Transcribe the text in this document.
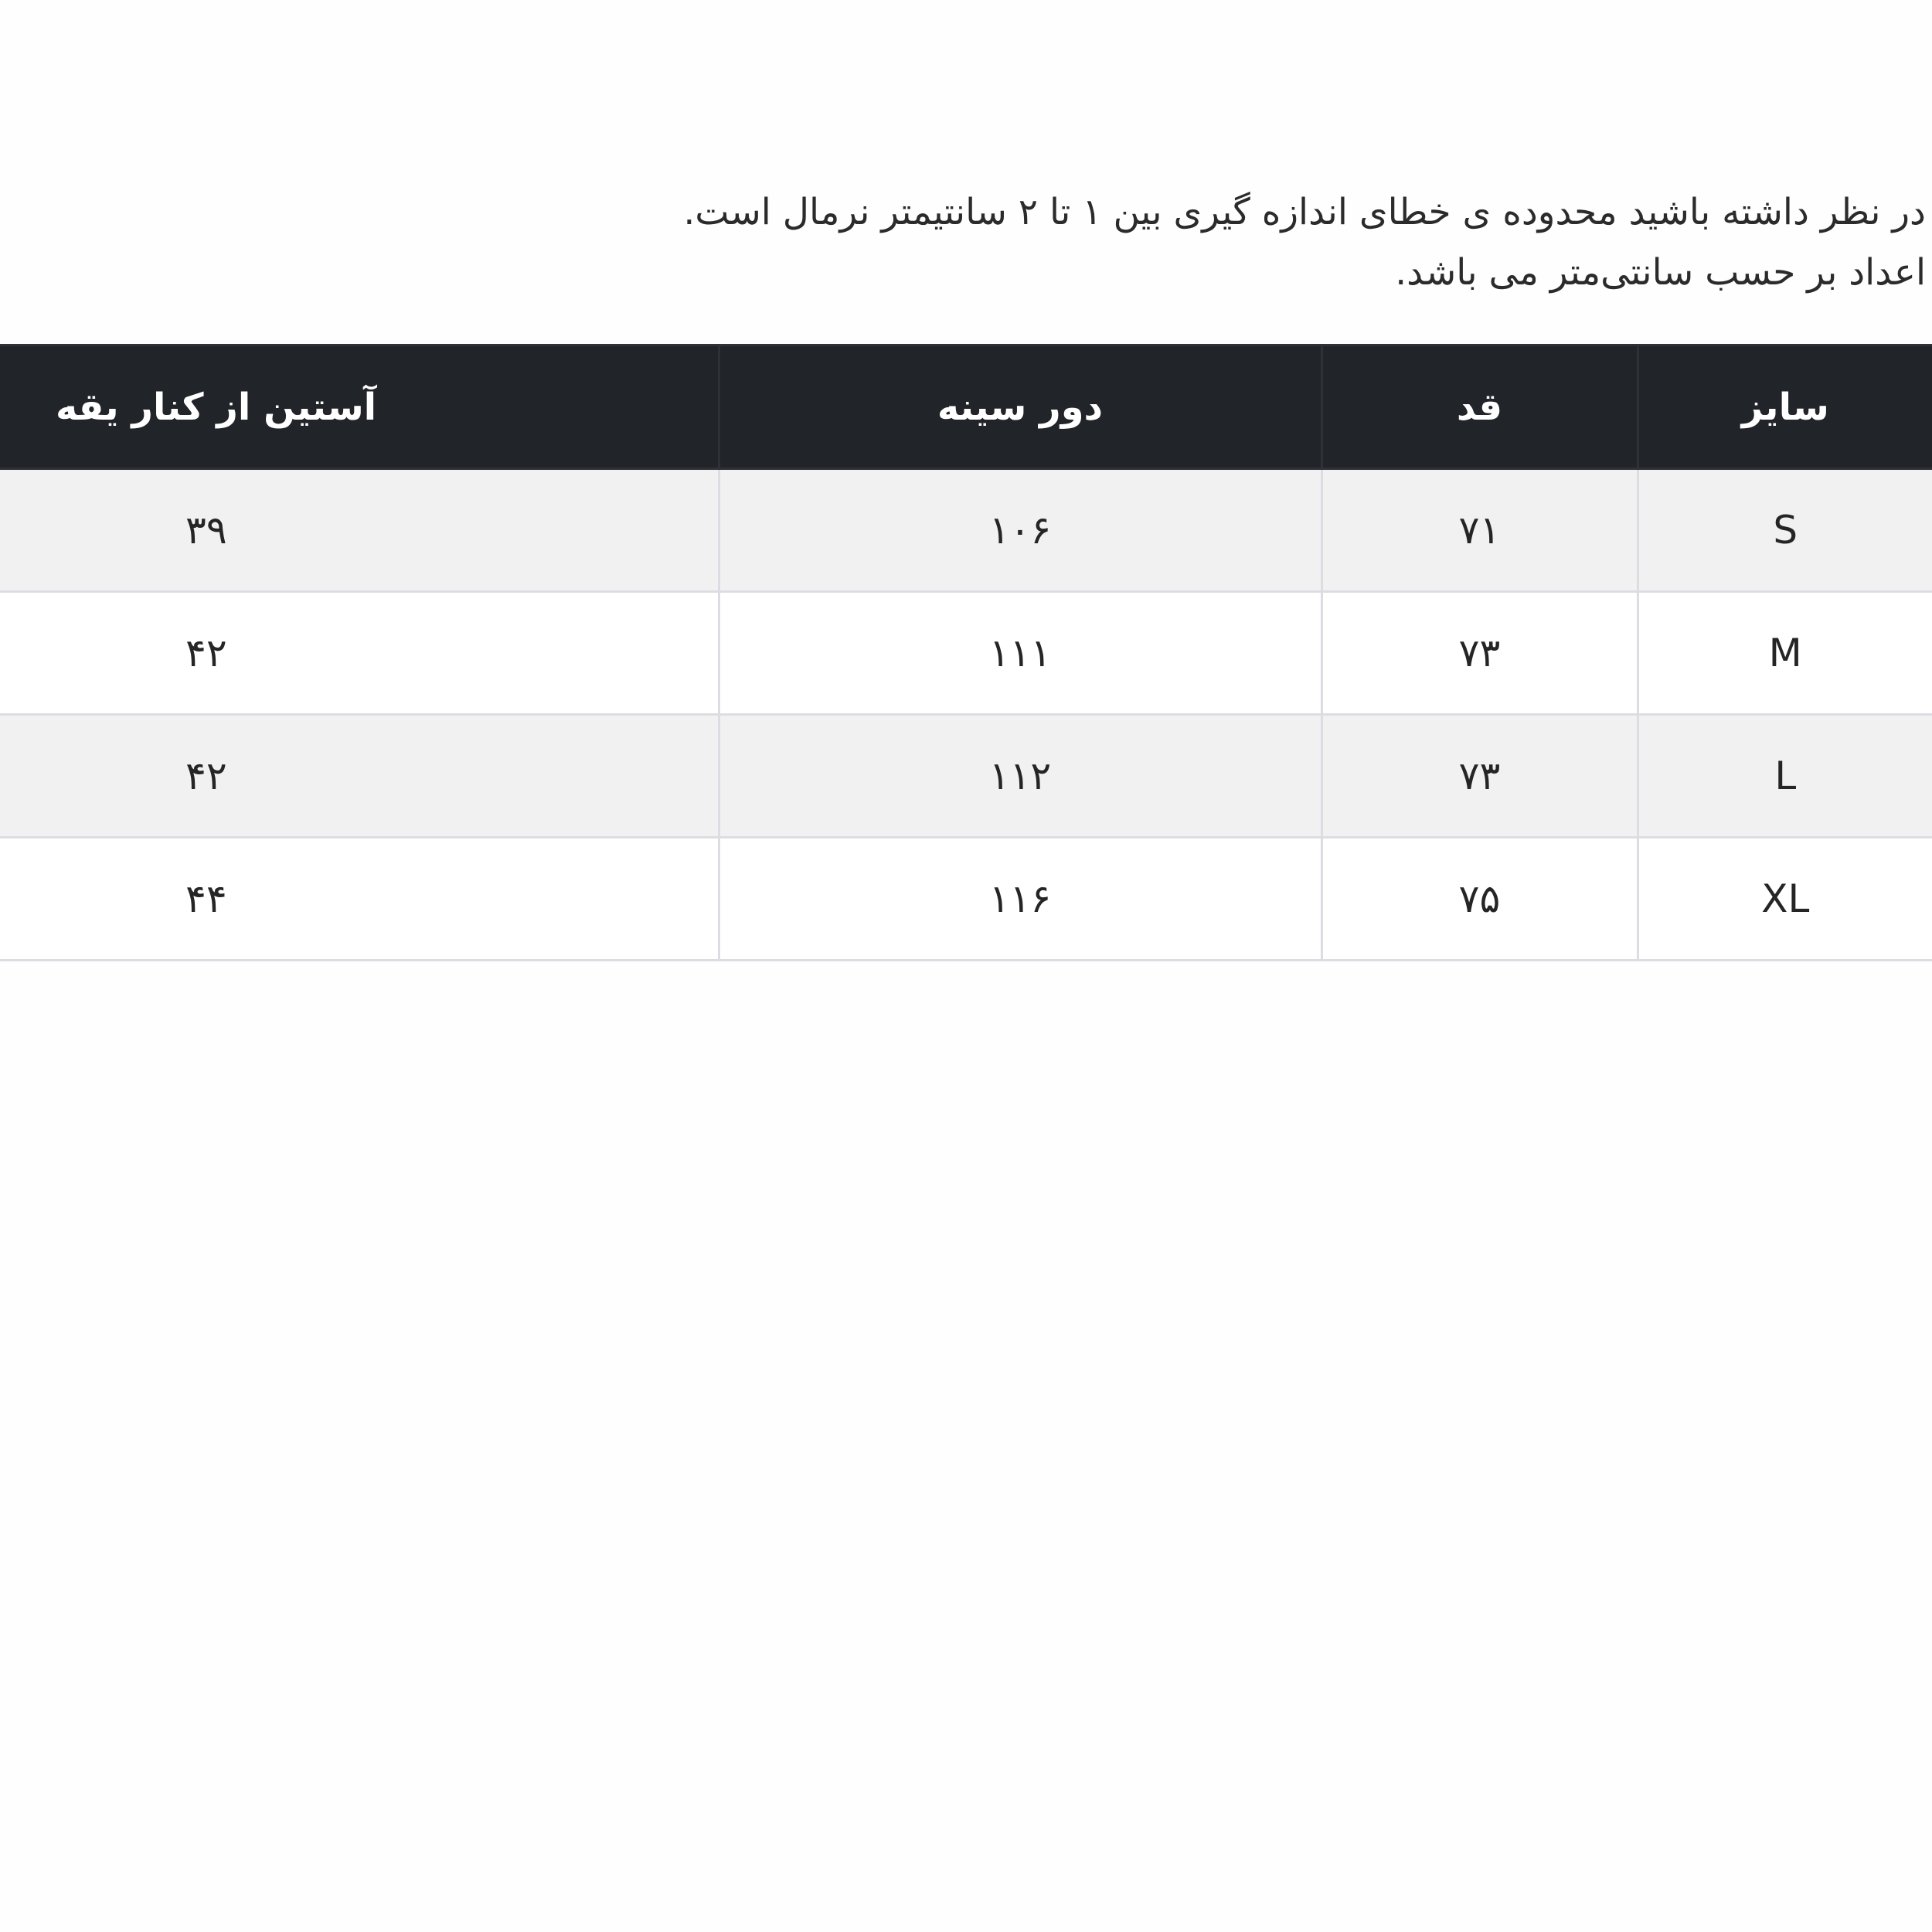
در نظر داشته باشید محدوده ی خطای اندازه گیری بین ۱ تا ۲ سانتیمتر نرمال است.

اعداد بر حسب سانتی‌متر می باشد.

سایز	قد	دور سینه	آستین از کنار یقه
S	۷۱	۱۰۶	۳۹
M	۷۳	۱۱۱	۴۲
L	۷۳	۱۱۲	۴۲
XL	۷۵	۱۱۶	۴۴
